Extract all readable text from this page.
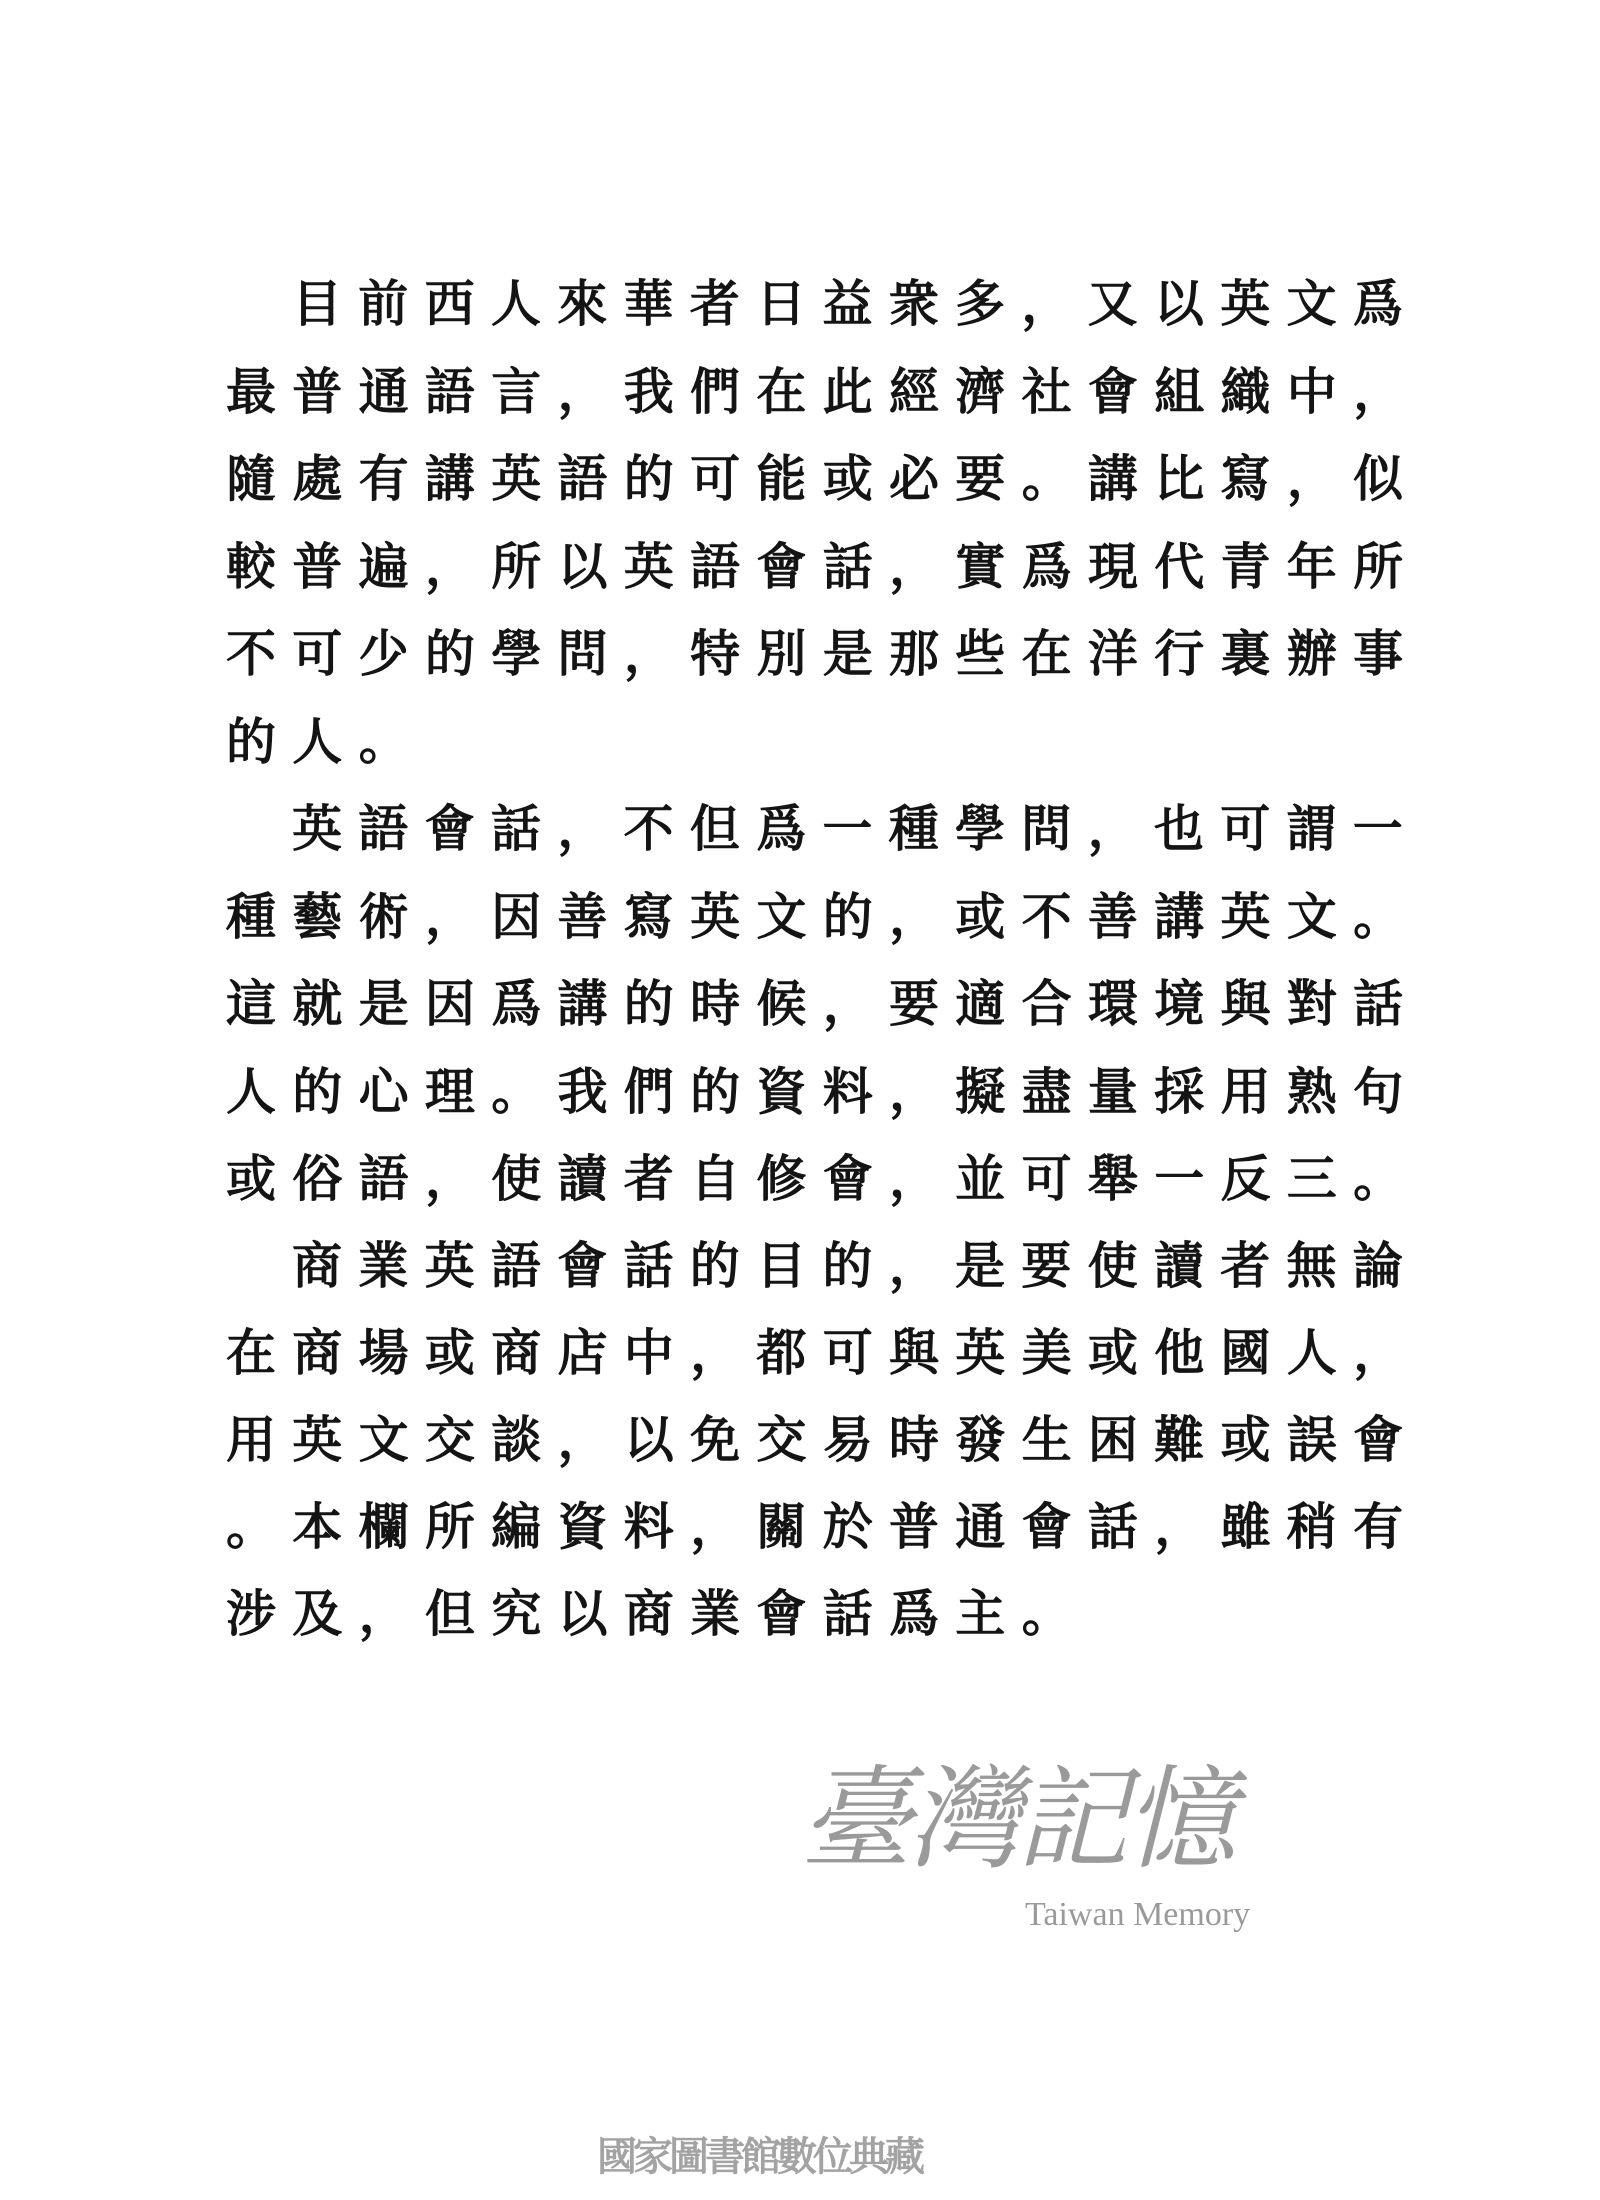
目前西人來華者日益衆多，又以英文爲
最普通語言，我們在此經濟社會組織中，
隨處有講英語的可能或必要。講比寫，似
較普遍，所以英語會話，實爲現代青年所
不可少的學問，特別是那些在洋行裏辦事
的人。
英語會話，不但爲一種學問，也可謂一
種藝術，因善寫英文的，或不善講英文。
這就是因爲講的時候，要適合環境與對話
人的心理。我們的資料，擬盡量採用熟句
或俗語，使讀者自修會，並可舉一反三。
商業英語會話的目的，是要使讀者無論
在商場或商店中，都可與英美或他國人，
用英文交談，以免交易時發生困難或誤會
。本欄所編資料，關於普通會話，雖稍有
涉及，但究以商業會話爲主。
臺灣記憶
Taiwan Memory
國家圖書館數位典藏
